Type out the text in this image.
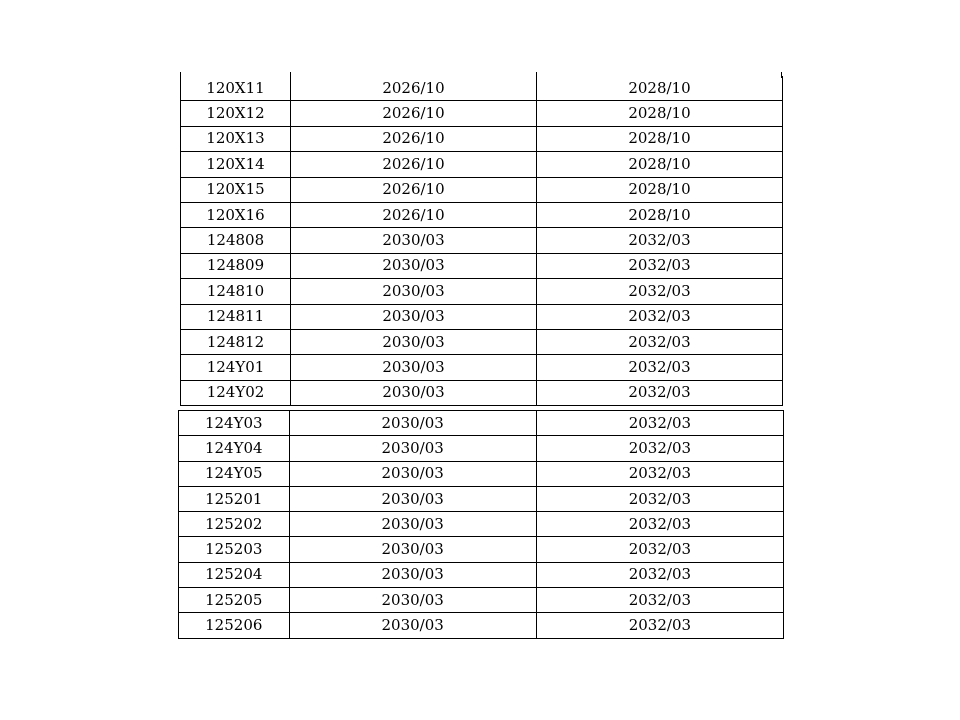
120X11	2026/10	2028/10
120X12	2026/10	2028/10
120X13	2026/10	2028/10
120X14	2026/10	2028/10
120X15	2026/10	2028/10
120X16	2026/10	2028/10
124808	2030/03	2032/03
124809	2030/03	2032/03
124810	2030/03	2032/03
124811	2030/03	2032/03
124812	2030/03	2032/03
124Y01	2030/03	2032/03
124Y02	2030/03	2032/03
124Y03	2030/03	2032/03
124Y04	2030/03	2032/03
124Y05	2030/03	2032/03
125201	2030/03	2032/03
125202	2030/03	2032/03
125203	2030/03	2032/03
125204	2030/03	2032/03
125205	2030/03	2032/03
125206	2030/03	2032/03
